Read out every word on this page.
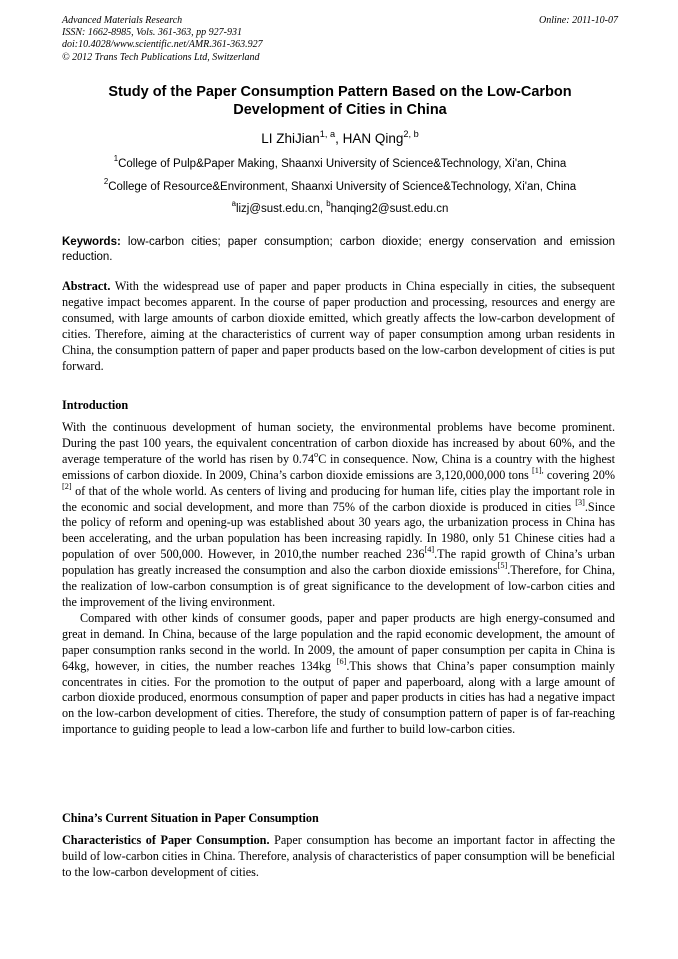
Advanced Materials Research
ISSN: 1662-8985, Vols. 361-363, pp 927-931
doi:10.4028/www.scientific.net/AMR.361-363.927
© 2012 Trans Tech Publications Ltd, Switzerland
Online: 2011-10-07
Study of the Paper Consumption Pattern Based on the Low-Carbon
Development of Cities in China
LI ZhiJian$^{1, a}$, HAN Qing$^{2, b}$
$^1$College of Pulp&Paper Making, Shaanxi University of Science&Technology, Xi'an, China
$^2$College of Resource&Environment, Shaanxi University of Science&Technology, Xi'an, China
$^a$lizj@sust.edu.cn, $^b$hanqing2@sust.edu.cn
Keywords: low-carbon cities; paper consumption; carbon dioxide; energy conservation and emission reduction.
Abstract. With the widespread use of paper and paper products in China especially in cities, the subsequent negative impact becomes apparent. In the course of paper production and processing, resources and energy are consumed, with large amounts of carbon dioxide emitted, which greatly affects the low-carbon development of cities. Therefore, aiming at the characteristics of current way of paper consumption among urban residents in China, the consumption pattern of paper and paper products based on the low-carbon development of cities is put forward.
Introduction

With the continuous development of human society, the environmental problems have become prominent. During the past 100 years, the equivalent concentration of carbon dioxide has increased by about 60%, and the average temperature of the world has risen by 0.74$^o$C in consequence. Now, China is a country with the highest emissions of carbon dioxide. In 2009, China’s carbon dioxide emissions are 3,120,000,000 tons $^{[1],}$ covering 20% [2] of that of the whole world. As centers of living and producing for human life, cities play the important role in the economic and social development, and more than 75% of the carbon dioxide is produced in cities [3].Since the policy of reform and opening-up was established about 30 years ago, the urbanization process in China has been accelerating, and the urban population has been increasing rapidly. In 1980, only 51 Chinese cities had a population of over 500,000. However, in 2010,the number reached 236[4].The rapid growth of China’s urban population has greatly increased the consumption and also the carbon dioxide emissions[5].Therefore, for China, the realization of low-carbon consumption is of great significance to the development of low-carbon cities and the improvement of the living environment.

Compared with other kinds of consumer goods, paper and paper products are high energy-consumed and great in demand. In China, because of the large population and the rapid economic development, the amount of paper consumption ranks second in the world. In 2009, the amount of paper consumption per capita in China is 64kg, however, in cities, the number reaches 134kg [6].This shows that China’s paper consumption mainly concentrates in cities. For the promotion to the output of paper and paperboard, along with a large amount of carbon dioxide produced, enormous consumption of paper and paper products in cities has had a negative impact on the low-carbon development of cities. Therefore, the study of consumption pattern of paper is of far-reaching importance to guiding people to lead a low-carbon life and further to build low-carbon cities.

China’s Current Situation in Paper Consumption
Characteristics of Paper Consumption. Paper consumption has become an important factor in affecting the build of low-carbon cities in China. Therefore, analysis of characteristics of paper consumption will be beneficial to the low-carbon development of cities.
